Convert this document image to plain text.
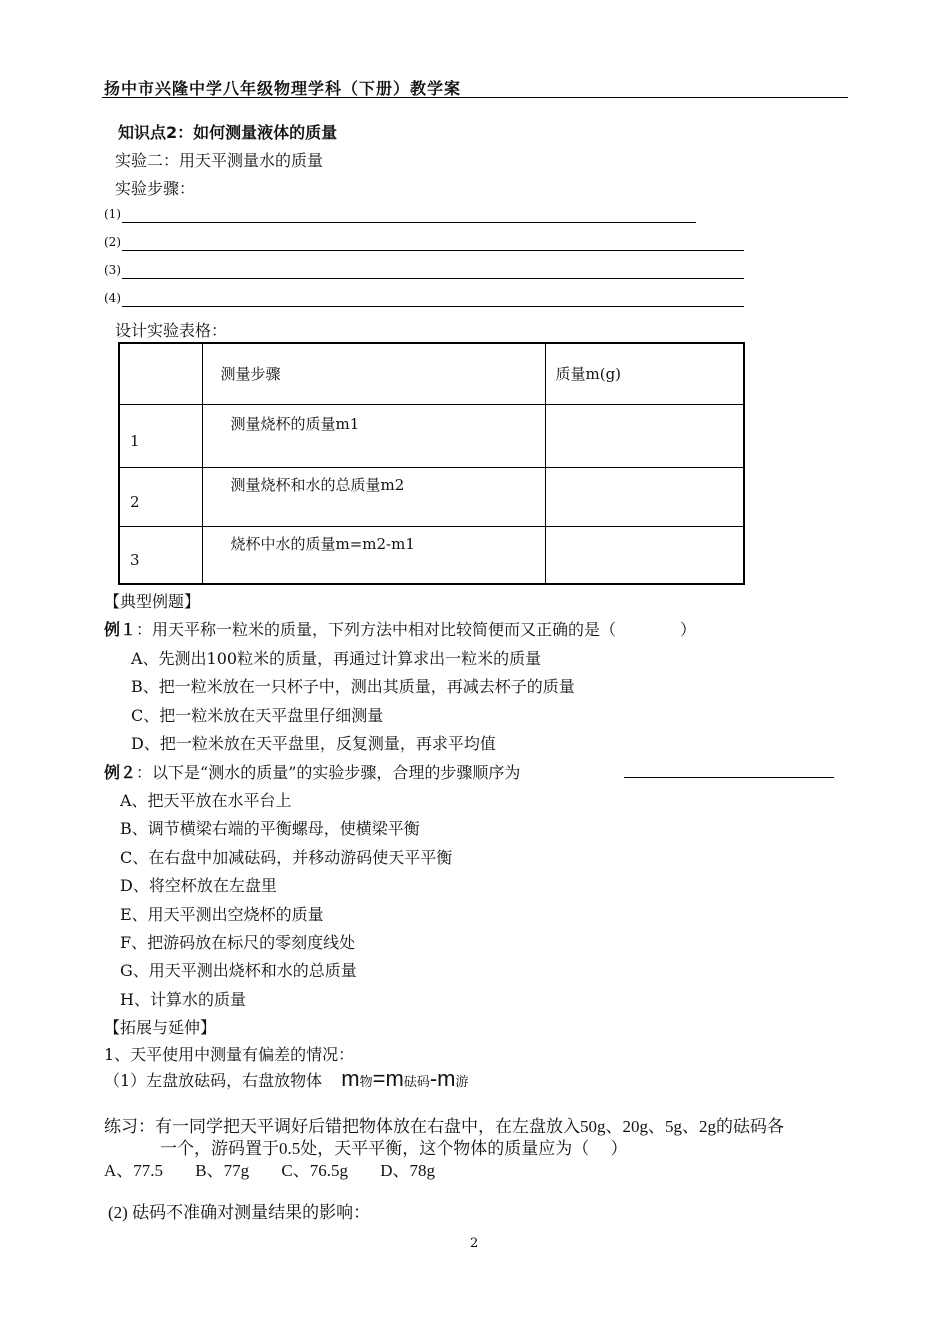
扬中市兴隆中学八年级物理学科（下册）教学案
知识点2：如何测量液体的质量
实验二：用天平测量水的质量
实验步骤：
(1)
(2)
(3)
(4)
设计实验表格：
	测量步骤	质量m(g)
1	测量烧杯的质量m1	
2	测量烧杯和水的总质量m2	
3	烧杯中水的质量m=m2-m1	
【典型例题】
例１：用天平称一粒米的质量，下列方法中相对比较简便而又正确的是（　　　　）
A、先测出100粒米的质量，再通过计算求出一粒米的质量
B、把一粒米放在一只杯子中，测出其质量，再减去杯子的质量
C、把一粒米放在天平盘里仔细测量
D、把一粒米放在天平盘里，反复测量，再求平均值
例２：以下是“测水的质量”的实验步骤，合理的步骤顺序为
A、把天平放在水平台上
B、调节横梁右端的平衡螺母，使横梁平衡
C、在右盘中加减砝码，并移动游码使天平平衡
D、将空杯放在左盘里
E、用天平测出空烧杯的质量
F、把游码放在标尺的零刻度线处
G、用天平测出烧杯和水的总质量
H、计算水的质量
【拓展与延伸】
1、天平使用中测量有偏差的情况：
（1）左盘放砝码，右盘放物体 m物=m砝码-m游
练习：有一同学把天平调好后错把物体放在右盘中，在左盘放入50g、20g、5g、2g的砝码各
一个，游码置于0.5处，天平平衡，这个物体的质量应为（　 ）
A、77.5 B、77g C、76.5g D、78g
(2) 砝码不准确对测量结果的影响：
2
